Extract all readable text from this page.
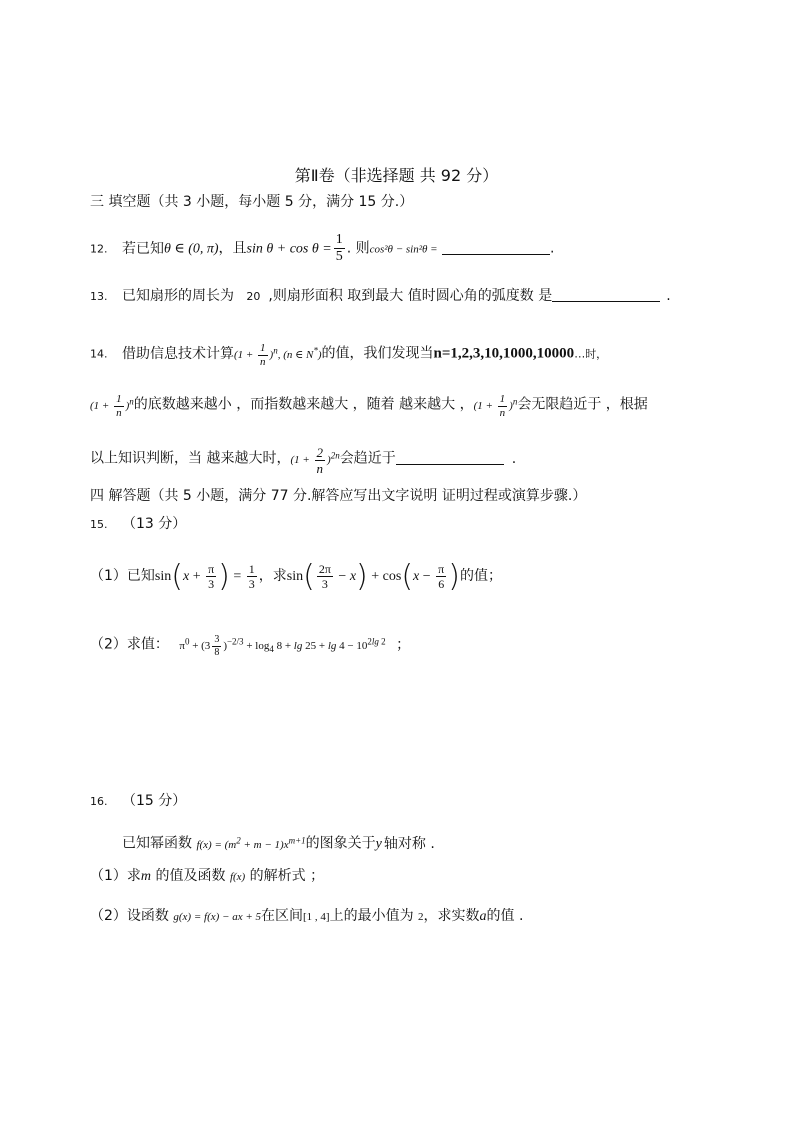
第Ⅱ卷（非选择题 共 92 分）
三 填空题（共 3 小题，每小题 5 分，满分 15 分.）
12. 若已知θ ∈ (0, π)，且$\sin \theta + \cos \theta = \frac{1}{5}$ . 则cos²θ − sin²θ =	.
13. 已知扇形的周长为 20 ,则扇形面积 取到最大 值时圆心角的弧度数 是	.
14. 借助信息技术计算$(1 + \frac{1}{n} )^n$, (n ∈ N*)的值，我们发现当n=1,2,3,10,1000,10000…时，
$(1 + \frac{1}{n} )^n$的底数越来越小 ，而指数越来越大 ，随着 越来越大 ，$(1 + \frac{1}{n} )^n$会无限趋近于 ，根据
以上知识判断，当 越来越大时，$(1 + \frac{2}{n} )^{2n}$会趋近于	.
四 解答题（共 5 小题，满分 77 分.解答应写出文字说明 证明过程或演算步骤.）
15. （13 分）
（1）已知$\sin(x + \frac{\pi}{3}$ ) = $\frac{1}{3}$ ，求$\sin( \frac{2\pi}{3} - x) + \cos(x - \frac{\pi}{6}$ )的值；
（2）求值： $\pi^0 + (3 \frac{3}{8} )^{-2/3} + \log_4 8 + \lg 25 + \lg 4 - 10^{2lg 2}$ ；
16. （15 分）
已知幂函数 $f(x) = (m^2 + m - 1)x^{m+1}$的图象关于y 轴对称 .
（1）求m 的值及函数 f(x) 的解析式 ；
（2）设函数 g(x) = f(x) − ax + 5在区间[1 , 4]上的最小值为 2，求实数a的值 .
